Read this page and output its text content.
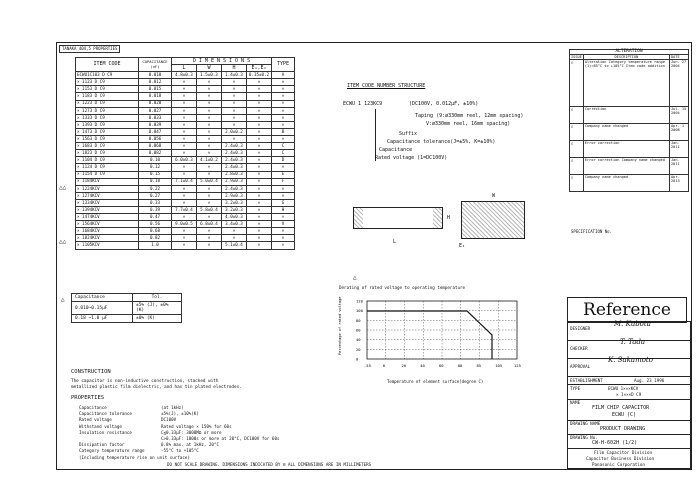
TANAKA 404,5 PROPERTIES
ITEM CODE	CAPACITANCE (nF)	D I M E N S I O N S				TYPE
		L	W	H	E₁,E₂	
ECWU1C103 D C9	0.010	4.8±0.3	1.5±0.3	1.4±0.3	0.35±0.2	A
× 1123 D C9	0.012	×	×	×	×	×
× 1153 D C9	0.015	×	×	×	×	×
× 1183 D C9	0.018	×	×	×	×	×
× 1223 D C9	0.020	×	×	×	×	×
× 1273 D C9	0.027	×	×	×	×	×
× 1333 D C9	0.033	×	×	×	×	×
× 1393 D C9	0.039	×	×	×	×	×
× 1473 D C9	0.047	×	×	2.0±0.2	×	B
× 1563 D C9	0.056	×	×	×	×	×
× 1683 D C9	0.068	×	×	2.4±0.3	×	C
× 1823 D C9	0.082	×	×	2.4±0.3	×	C
× 1104 D C9	0.10	6.0±0.3	4.1±0.2	2.4±0.3	×	D
× 1124 D C9	0.12	×	×	2.4±0.3	×	×
× 1154 D C9	0.15	×	×	2.8±0.3	×	E
× 1184KCV	0.18	7.1±0.4	5.0±0.4	2.9±0.3	×	F
× 1224KCV	0.22	×	×	2.4±0.3	×	×
× 1274KCV	0.27	×	×	2.9±0.3	×	×
× 1334KCV	0.33	×	×	3.2±0.3	×	G
× 1394KCV	0.39	7.7±0.4	5.8±0.4	3.2±0.3	×	H
× 1474KCV	0.47	×	×	4.0±0.3	×	×
× 1564KCV	0.56	9.0±0.5	6.8±0.4	3.4±0.3	×	V
× 1684KCV	0.68	×	×	×	×	×
× 1824KCV	0.82	×	×	×	×	×
× 1105KCV	1.0	×	×	5.1±0.4	×	×
△△
△△
ITEM CODE NUMBER STRUCTURE
ECWU 1 123KC9	(DC100V, 0.012µF, ±10%)
Taping (9:ø330mm reel, 12mm spacing)
V:ø330mm reel, 16mm spacing)
Suffix
Capacitance tolerance(J=±5%, K=±10%)
Capacitance
Rated voltage (1=DC100V)
L
H
W
E₁
△ Capacitance	Tol.
0.010~0.15µF	±5% (J), ±0% (K)
0.18 ~1.0 µF	±0% (K)
△
Derating of rated voltage to operating temperature
120
100
80
60
40
20
0
-55	0	20	40	60	80	85	105	125
Percentage of rated voltage
Temperature of element surface(degree C)
CONSTRUCTION
The capacitor is non-inductive construction, stacked with
metallized plastic film dielectric, and has tin plated electrodes.
PROPERTIES
Capacitance	(at 1kHz)
Capacitance tolerance	±5%(J), ±10%(K)
Rated voltage	DC100V
Withstand voltage	Rated voltage × 150% for 60s
Insulation resistance	C≦0.33µF: 3000MΩ or more
C>0.33µF: 1000s or more at 20°C, DC100V for 60s
Dissipation factor	0.8% max. at 1kHz, 20°C
Category temperature range	-55°C to +105°C
(Including temperature rise on unit surface)
DO NOT SCALE DRAWING. DIMENSIONS INDICATED BY ® ALL DIMENSIONS ARE IN MILLIMETERS
ALTERATION		
ISSUE	DESCRIPTION	DATE
△	Alteration Category temperature range (1)=85°C to +105°C Item code addition	Jun. 27 2004
△	Correction	Jul. 15 2004
△	Company name changed	Apr. 1 2008
△	Error correction	Jan. 2011
△	Error correction Company name changed	Jan. 2011
△	Company name changed	Apr. 2013
SPECIFICATION No.
Reference
DESIGNER
M. Kubota
CHECKER
T. Tada
APPROVAL
K. Sakamoto
ESTABLISHMENT	Aug. 23 1996
TYPE	ECWU 1×××KCV
× 1×××D C9
NAME
FILM CHIP CAPACITOR
ECWU (C)
DRAWING NAME
PRODUCT DRAWING
DRAWING No.
CW-H-602H (1/2)
Film Capacitor Division
Capacitor Business Division
Panasonic Corporation
